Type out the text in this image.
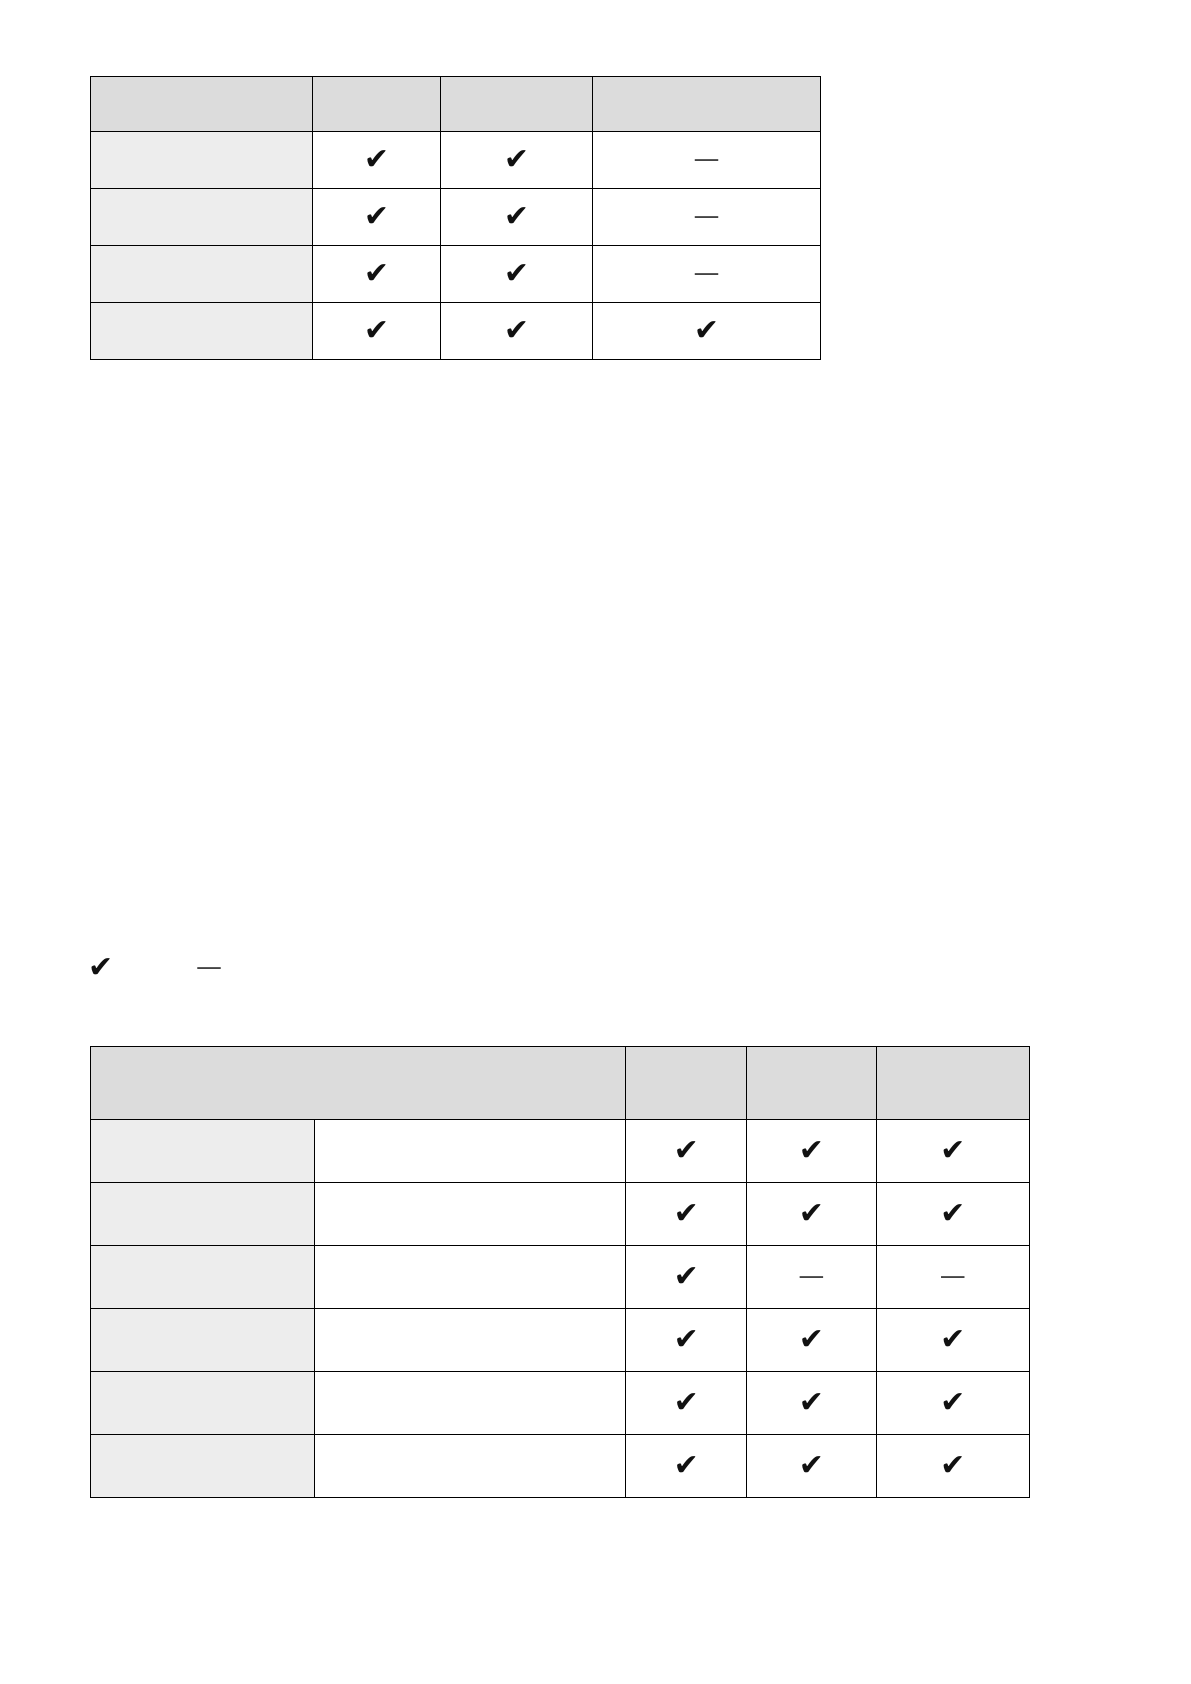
	✔	✔	—
	✔	✔	—
	✔	✔	—
	✔	✔	✔
✔	—

		✔	✔	✔
		✔	✔	✔
		✔	—	—
		✔	✔	✔
		✔	✔	✔
		✔	✔	✔
